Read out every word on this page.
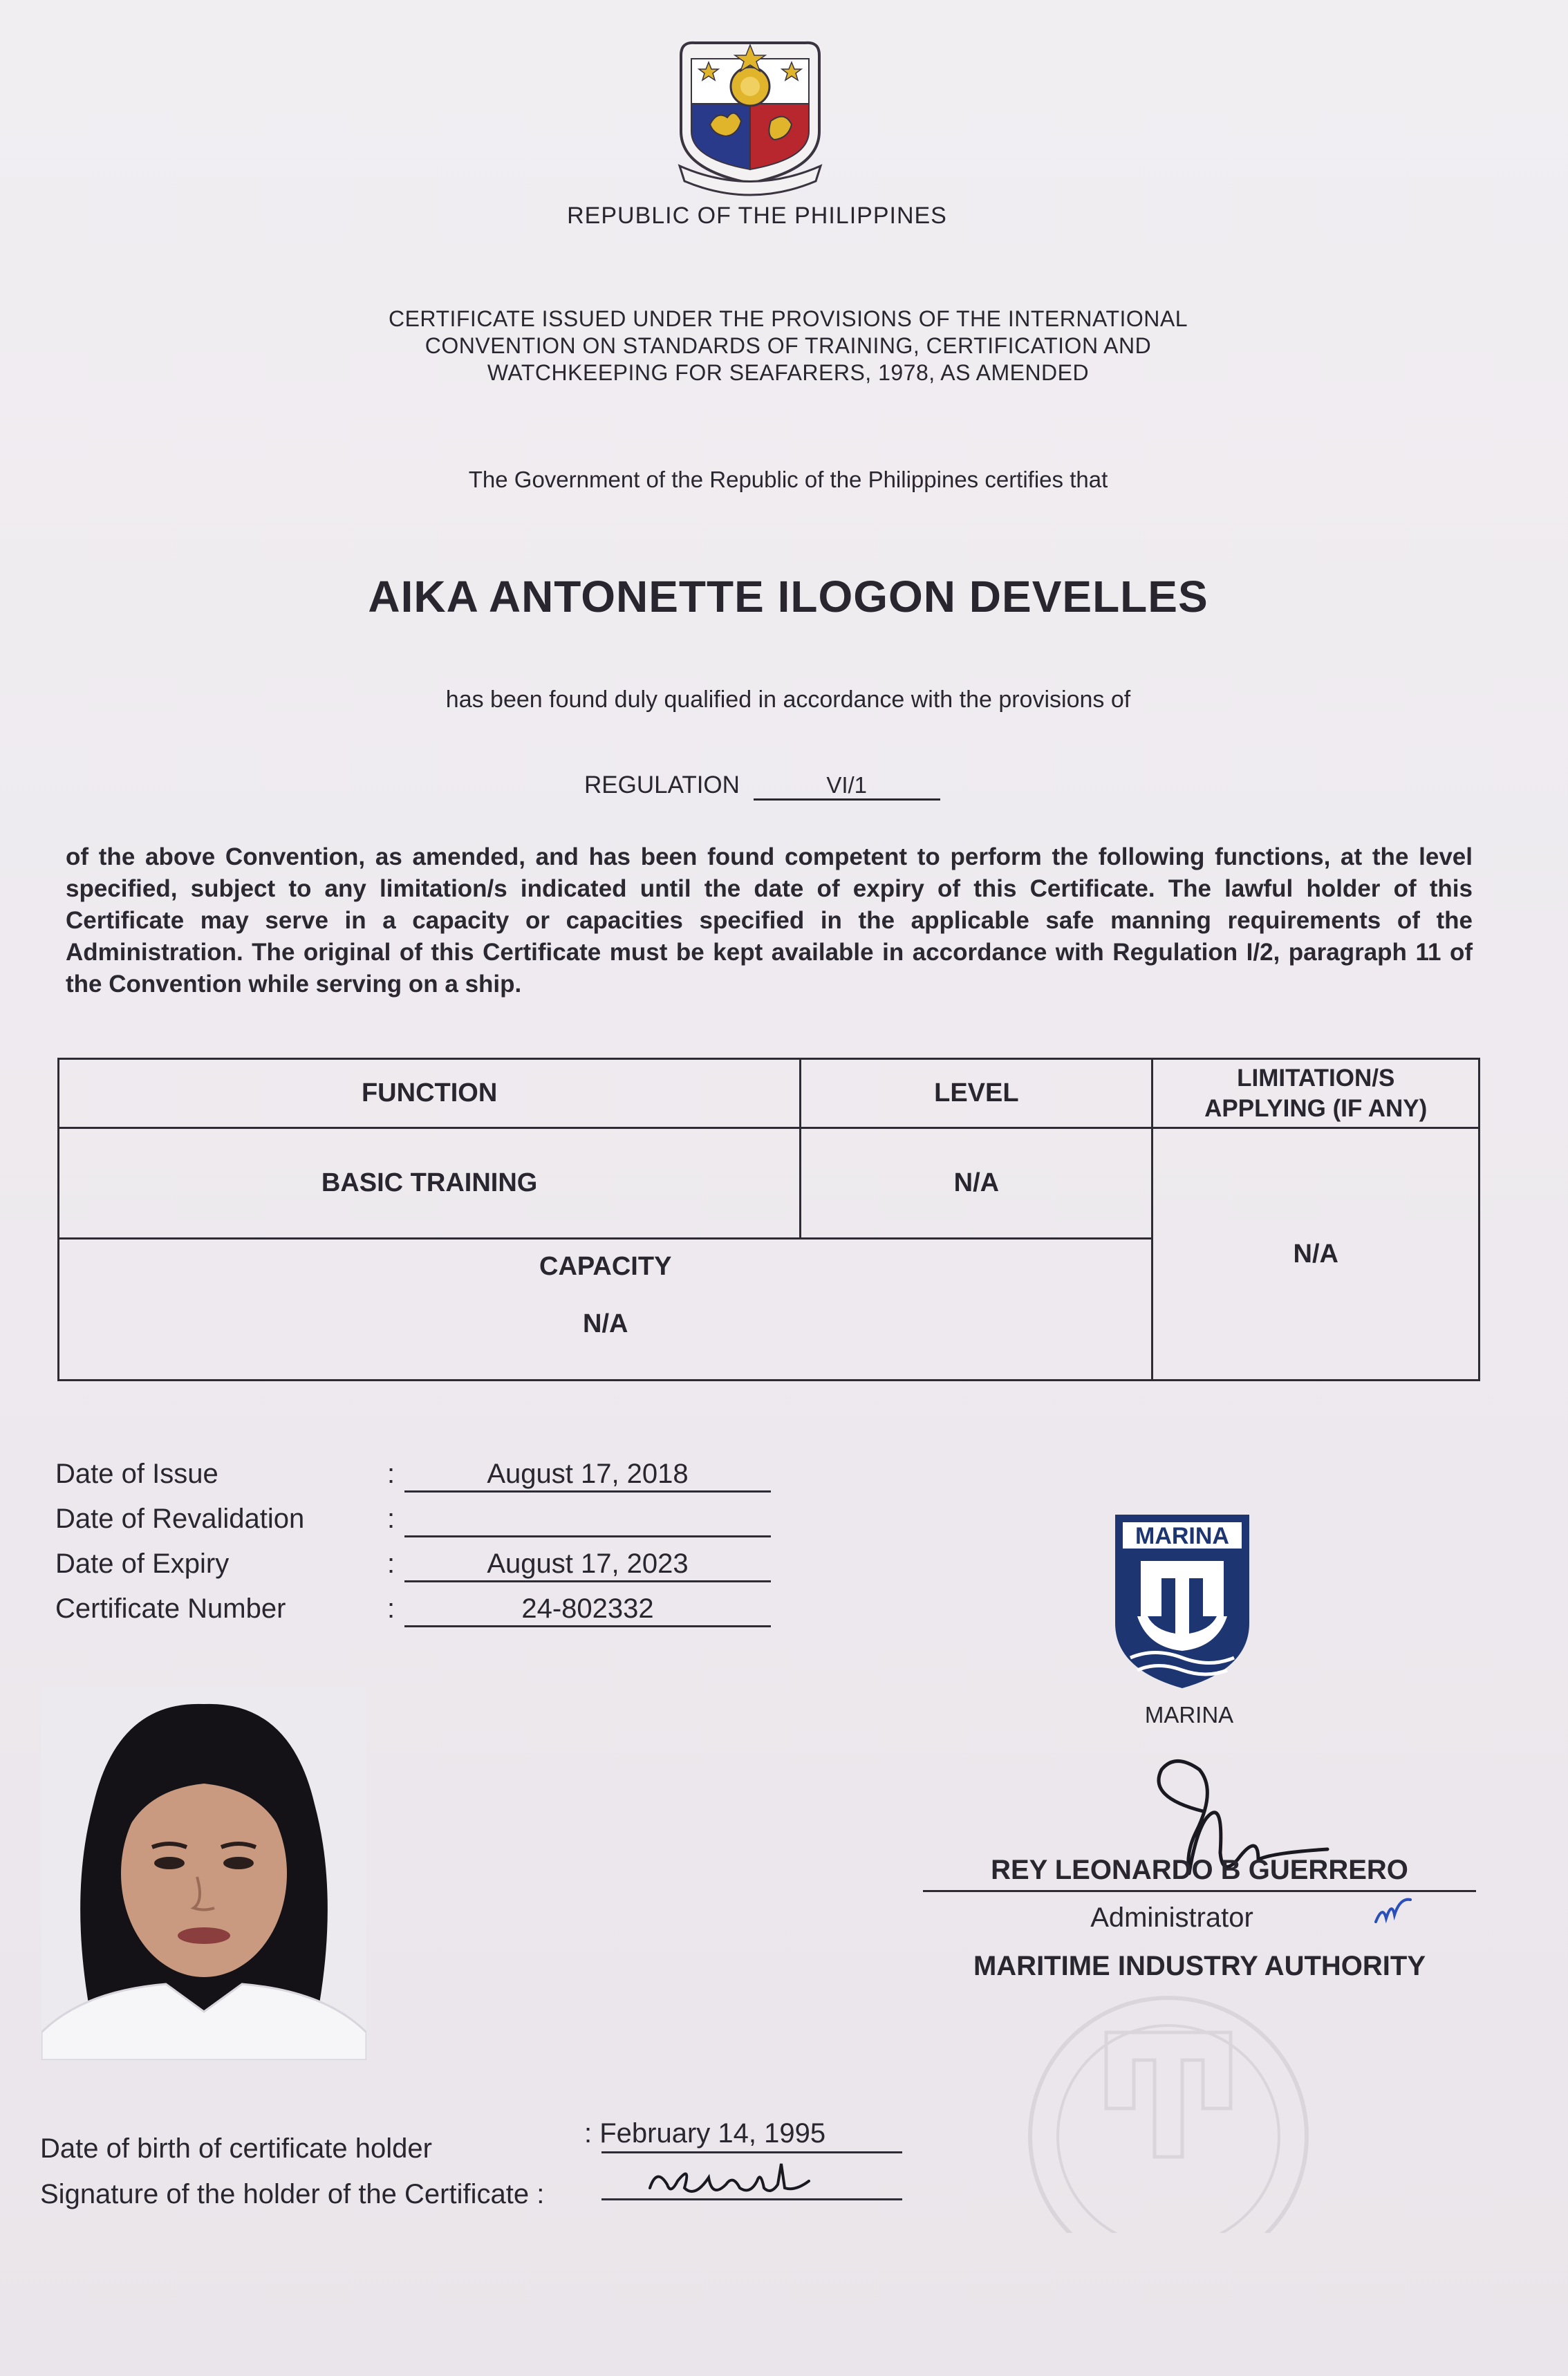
REPUBLIC OF THE PHILIPPINES
CERTIFICATE ISSUED UNDER THE PROVISIONS OF THE INTERNATIONAL
CONVENTION ON STANDARDS OF TRAINING, CERTIFICATION AND
WATCHKEEPING FOR SEAFARERS, 1978, AS AMENDED
The Government of the Republic of the Philippines certifies that
AIKA ANTONETTE ILOGON DEVELLES
has been found duly qualified in accordance with the provisions of
REGULATION	VI/1
of the above Convention, as amended, and has been found competent to perform the following functions, at the level specified, subject to any limitation/s indicated until the date of expiry of this Certificate. The lawful holder of this Certificate may serve in a capacity or capacities specified in the applicable safe manning requirements of the Administration. The original of this Certificate must be kept available in accordance with Regulation I/2, paragraph 11 of the Convention while serving on a ship.
FUNCTION	LEVEL	LIMITATION/S
APPLYING (IF ANY)

BASIC TRAINING	N/A	N/A

CAPACITY
N/A		
Date of Issue	:	August 17, 2018
Date of Revalidation	:
Date of Expiry	:	August 17, 2023
Certificate Number	:	24-802332
MARINA
MARINA
REY LEONARDO B GUERRERO
Administrator
MARITIME INDUSTRY AUTHORITY
Date of birth of certificate holder	: February 14, 1995
Signature of the holder of the Certificate :
